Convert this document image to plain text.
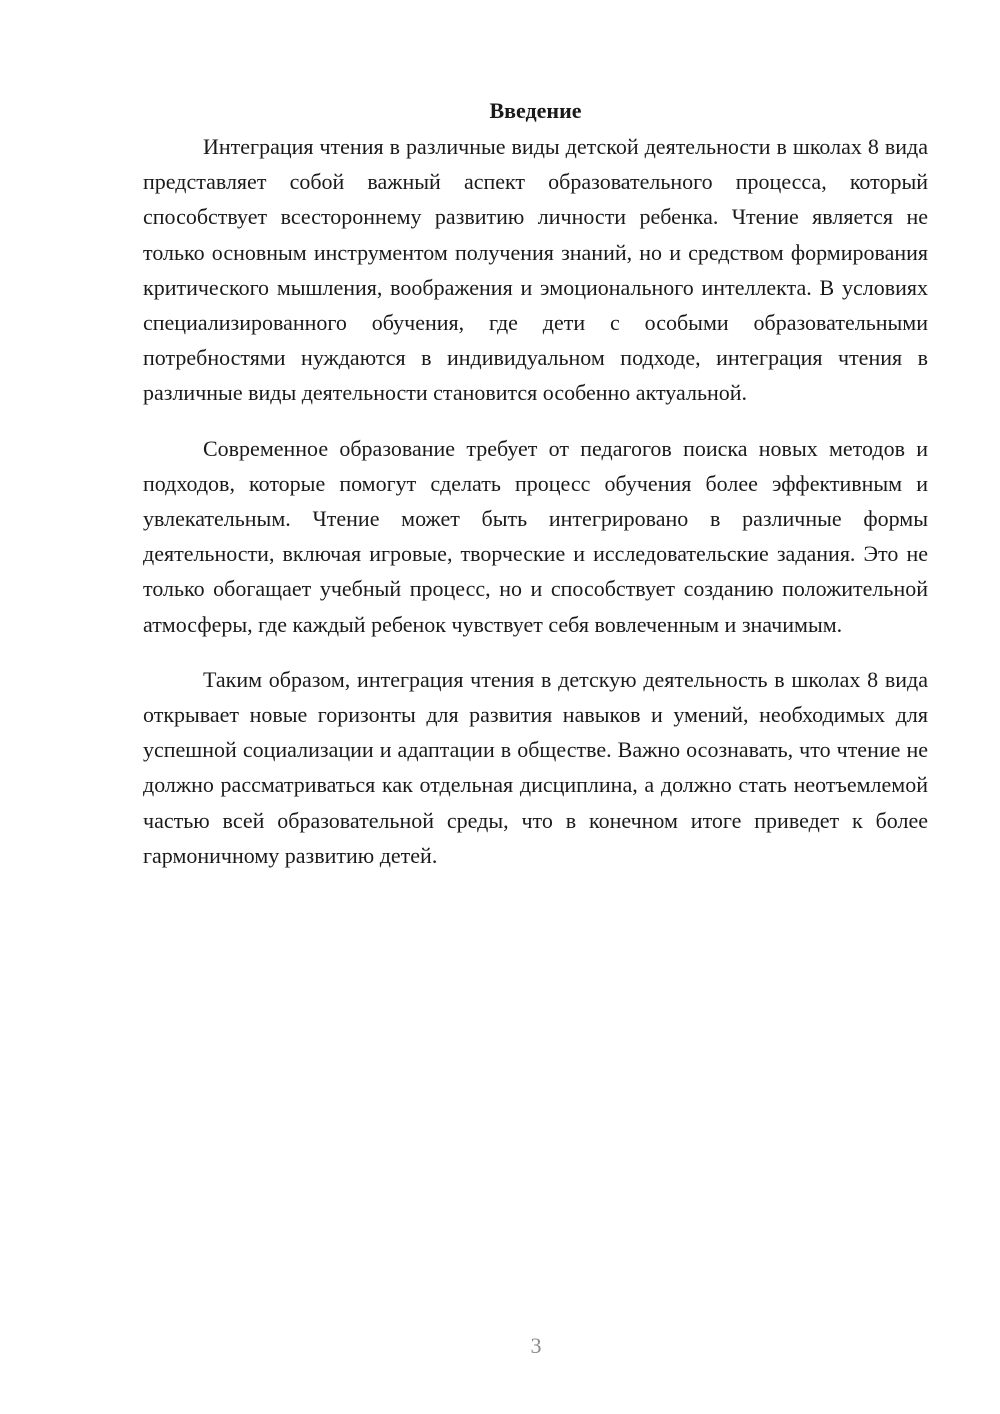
Введение

Интеграция чтения в различные виды детской деятельности в школах 8 вида представляет собой важный аспект образовательного процесса, который способствует всестороннему развитию личности ребенка. Чтение является не только основным инструментом получения знаний, но и средством формирования критического мышления, воображения и эмоционального интеллекта. В условиях специализированного обучения, где дети с особыми образовательными потребностями нуждаются в индивидуальном подходе, интеграция чтения в различные виды деятельности становится особенно актуальной.

Современное образование требует от педагогов поиска новых методов и подходов, которые помогут сделать процесс обучения более эффективным и увлекательным. Чтение может быть интегрировано в различные формы деятельности, включая игровые, творческие и исследовательские задания. Это не только обогащает учебный процесс, но и способствует созданию положительной атмосферы, где каждый ребенок чувствует себя вовлеченным и значимым.

Таким образом, интеграция чтения в детскую деятельность в школах 8 вида открывает новые горизонты для развития навыков и умений, необходимых для успешной социализации и адаптации в обществе. Важно осознавать, что чтение не должно рассматриваться как отдельная дисциплина, а должно стать неотъемлемой частью всей образовательной среды, что в конечном итоге приведет к более гармоничному развитию детей.

3
